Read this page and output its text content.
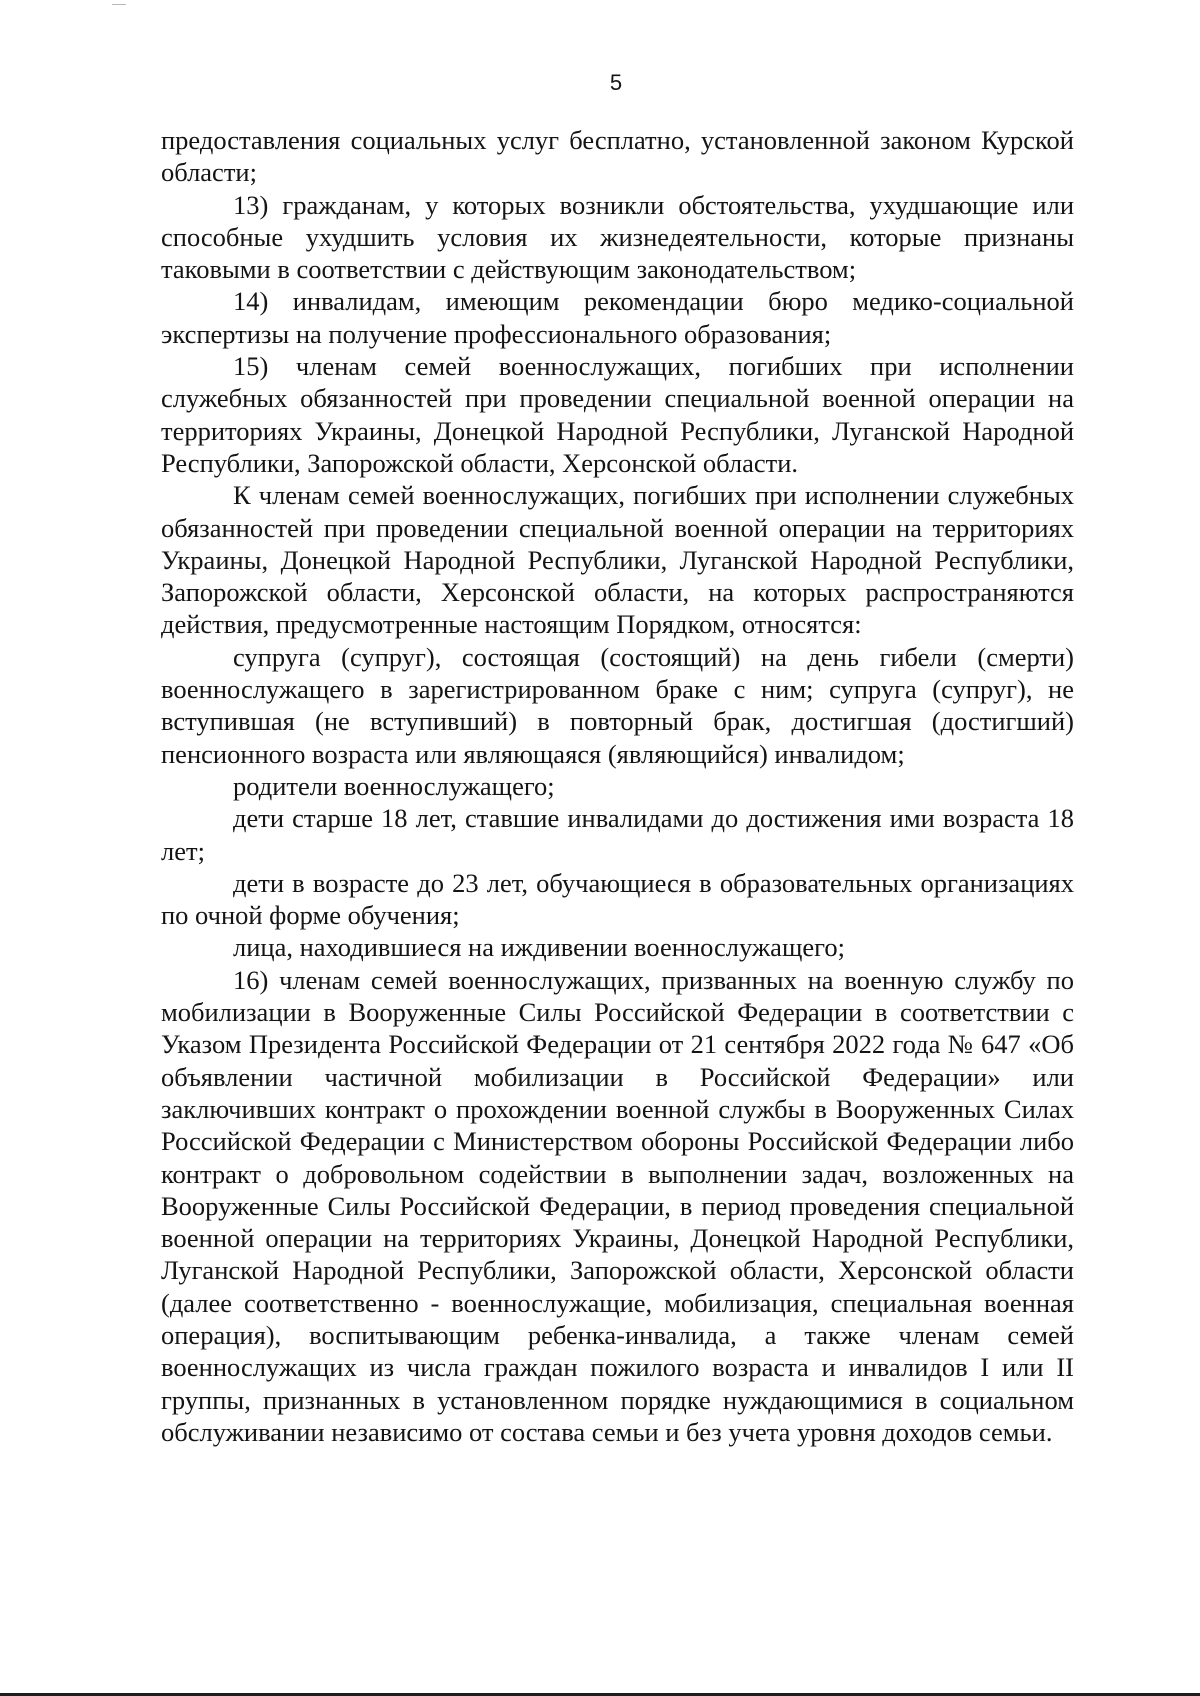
5

предоставления социальных услуг бесплатно, установленной законом Курской области;

13) гражданам, у которых возникли обстоятельства, ухудшающие или способные ухудшить условия их жизнедеятельности, которые признаны таковыми в соответствии с действующим законодательством;

14) инвалидам, имеющим рекомендации бюро медико-социальной экспертизы на получение профессионального образования;

15) членам семей военнослужащих, погибших при исполнении служебных обязанностей при проведении специальной военной операции на территориях Украины, Донецкой Народной Республики, Луганской Народной Республики, Запорожской области, Херсонской области.

К членам семей военнослужащих, погибших при исполнении служебных обязанностей при проведении специальной военной операции на территориях Украины, Донецкой Народной Республики, Луганской Народной Республики, Запорожской области, Херсонской области, на которых распространяются действия, предусмотренные настоящим Порядком, относятся:

супруга (супруг), состоящая (состоящий) на день гибели (смерти) военнослужащего в зарегистрированном браке с ним; супруга (супруг), не вступившая (не вступивший) в повторный брак, достигшая (достигший) пенсионного возраста или являющаяся (являющийся) инвалидом;

родители военнослужащего;

дети старше 18 лет, ставшие инвалидами до достижения ими возраста 18 лет;

дети в возрасте до 23 лет, обучающиеся в образовательных организациях по очной форме обучения;

лица, находившиеся на иждивении военнослужащего;

16) членам семей военнослужащих, призванных на военную службу по мобилизации в Вооруженные Силы Российской Федерации в соответствии с Указом Президента Российской Федерации от 21 сентября 2022 года № 647 «Об объявлении частичной мобилизации в Российской Федерации» или заключивших контракт о прохождении военной службы в Вооруженных Силах Российской Федерации с Министерством обороны Российской Федерации либо контракт о добровольном содействии в выполнении задач, возложенных на Вооруженные Силы Российской Федерации, в период проведения специальной военной операции на территориях Украины, Донецкой Народной Республики, Луганской Народной Республики, Запорожской области, Херсонской области (далее соответственно - военнослужащие, мобилизация, специальная военная операция), воспитывающим ребенка-инвалида, а также членам семей военнослужащих из числа граждан пожилого возраста и инвалидов I или II группы, признанных в установленном порядке нуждающимися в социальном обслуживании независимо от состава семьи и без учета уровня доходов семьи.
